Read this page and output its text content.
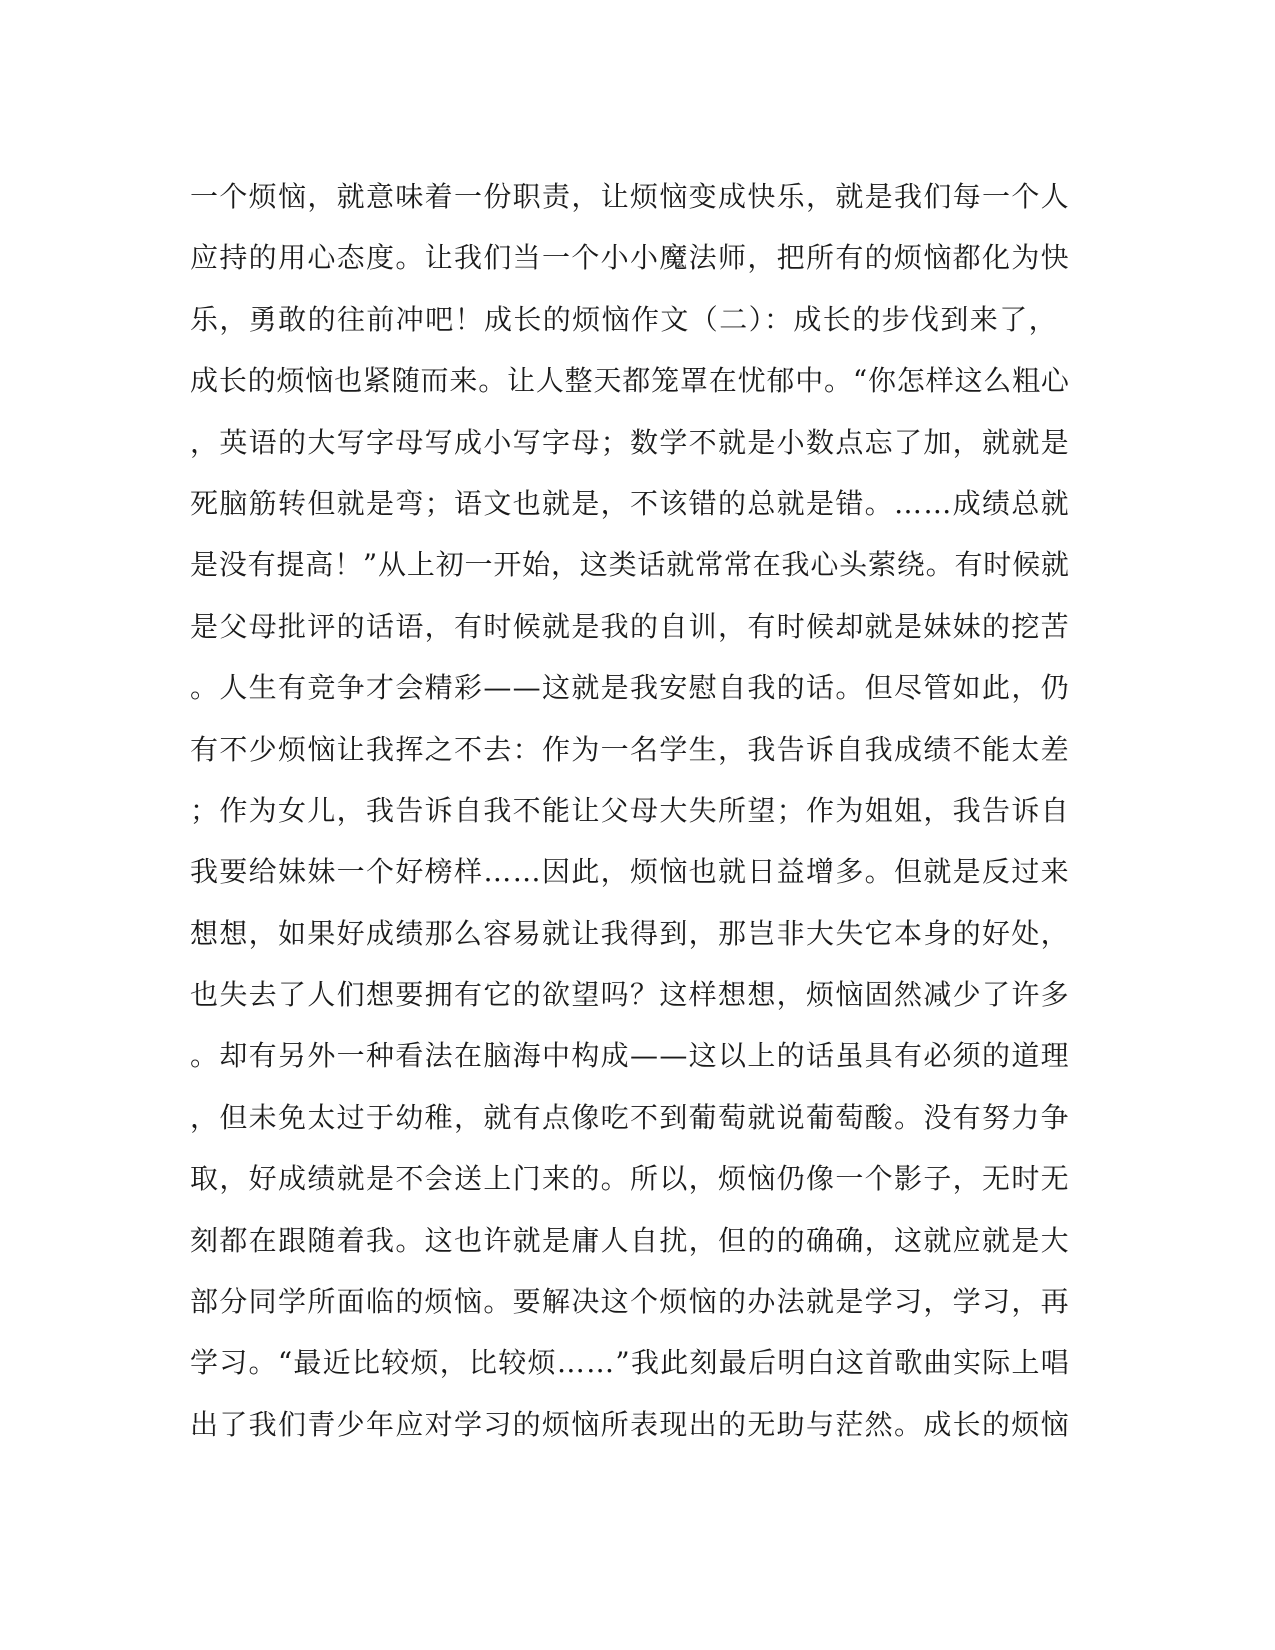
一个烦恼，就意味着一份职责，让烦恼变成快乐，就是我们每一个人
应持的用心态度。让我们当一个小小魔法师，把所有的烦恼都化为快
乐，勇敢的往前冲吧！成长的烦恼作文（二）：成长的步伐到来了，
成长的烦恼也紧随而来。让人整天都笼罩在忧郁中。“你怎样这么粗心
，英语的大写字母写成小写字母；数学不就是小数点忘了加，就就是
死脑筋转但就是弯；语文也就是，不该错的总就是错。……成绩总就
是没有提高！”从上初一开始，这类话就常常在我心头萦绕。有时候就
是父母批评的话语，有时候就是我的自训，有时候却就是妹妹的挖苦
。人生有竞争才会精彩——这就是我安慰自我的话。但尽管如此，仍
有不少烦恼让我挥之不去：作为一名学生，我告诉自我成绩不能太差
；作为女儿，我告诉自我不能让父母大失所望；作为姐姐，我告诉自
我要给妹妹一个好榜样……因此，烦恼也就日益增多。但就是反过来
想想，如果好成绩那么容易就让我得到，那岂非大失它本身的好处，
也失去了人们想要拥有它的欲望吗？这样想想，烦恼固然减少了许多
。却有另外一种看法在脑海中构成——这以上的话虽具有必须的道理
，但未免太过于幼稚，就有点像吃不到葡萄就说葡萄酸。没有努力争
取，好成绩就是不会送上门来的。所以，烦恼仍像一个影子，无时无
刻都在跟随着我。这也许就是庸人自扰，但的的确确，这就应就是大
部分同学所面临的烦恼。要解决这个烦恼的办法就是学习，学习，再
学习。“最近比较烦，比较烦……”我此刻最后明白这首歌曲实际上唱
出了我们青少年应对学习的烦恼所表现出的无助与茫然。成长的烦恼
